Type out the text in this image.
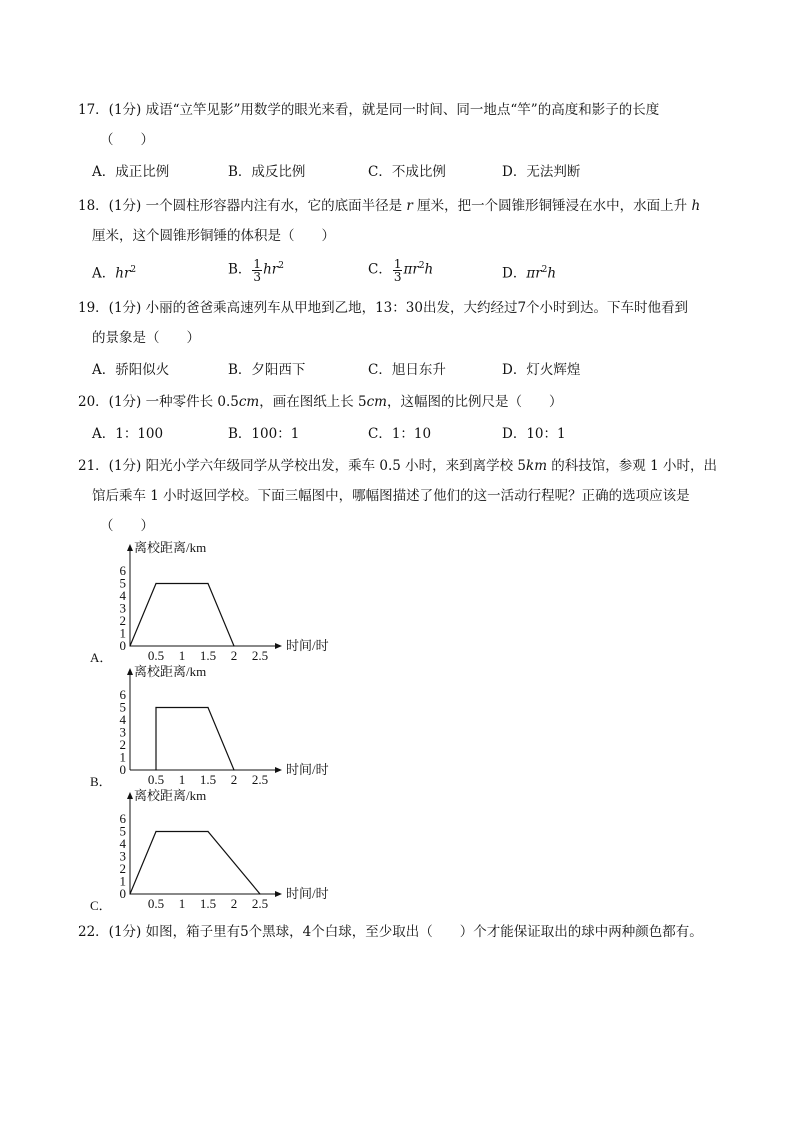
17．(1分) 成语“立竿见影”用数学的眼光来看，就是同一时间、同一地点“竿”的高度和影子的长度
（　　）
A．成正比例	B．成反比例	C．不成比例	D．无法判断
18．(1分) 一个圆柱形容器内注有水，它的底面半径是 r 厘米，把一个圆锥形铜锤浸在水中，水面上升 h
厘米，这个圆锥形铜锤的体积是（　　）
A．$hr^2$	B． $\frac{1}{3} hr^2$	C． $\frac{1}{3} \pi r^2h$	D．$\pi r^2h$
19．(1分) 小丽的爸爸乘高速列车从甲地到乙地，13：30出发，大约经过7个小时到达。下车时他看到
的景象是（　　）
A．骄阳似火	B．夕阳西下	C．旭日东升	D．灯火辉煌
20．(1分) 一种零件长 0.5cm，画在图纸上长 5cm，这幅图的比例尺是（　　）
A．1：100	B．100：1	C．1：10	D．10：1
21．(1分) 阳光小学六年级同学从学校出发，乘车 0.5 小时，来到离学校 5km 的科技馆，参观 1 小时，出
馆后乘车 1 小时返回学校。下面三幅图中，哪幅图描述了他们的这一活动行程呢？正确的选项应该是
（　　）
0
1
2
3
4
5
6
0.5 1 1.5 2 2.5
离校距离/km
时间/时
A．
0
1
2
3
4
5
6
0.5 1 1.5 2 2.5
离校距离/km
时间/时
B．
0
1
2
3
4
5
6
0.5 1 1.5 2 2.5
离校距离/km
时间/时
C．
22．(1分) 如图，箱子里有5个黑球，4个白球，至少取出（　　）个才能保证取出的球中两种颜色都有。
